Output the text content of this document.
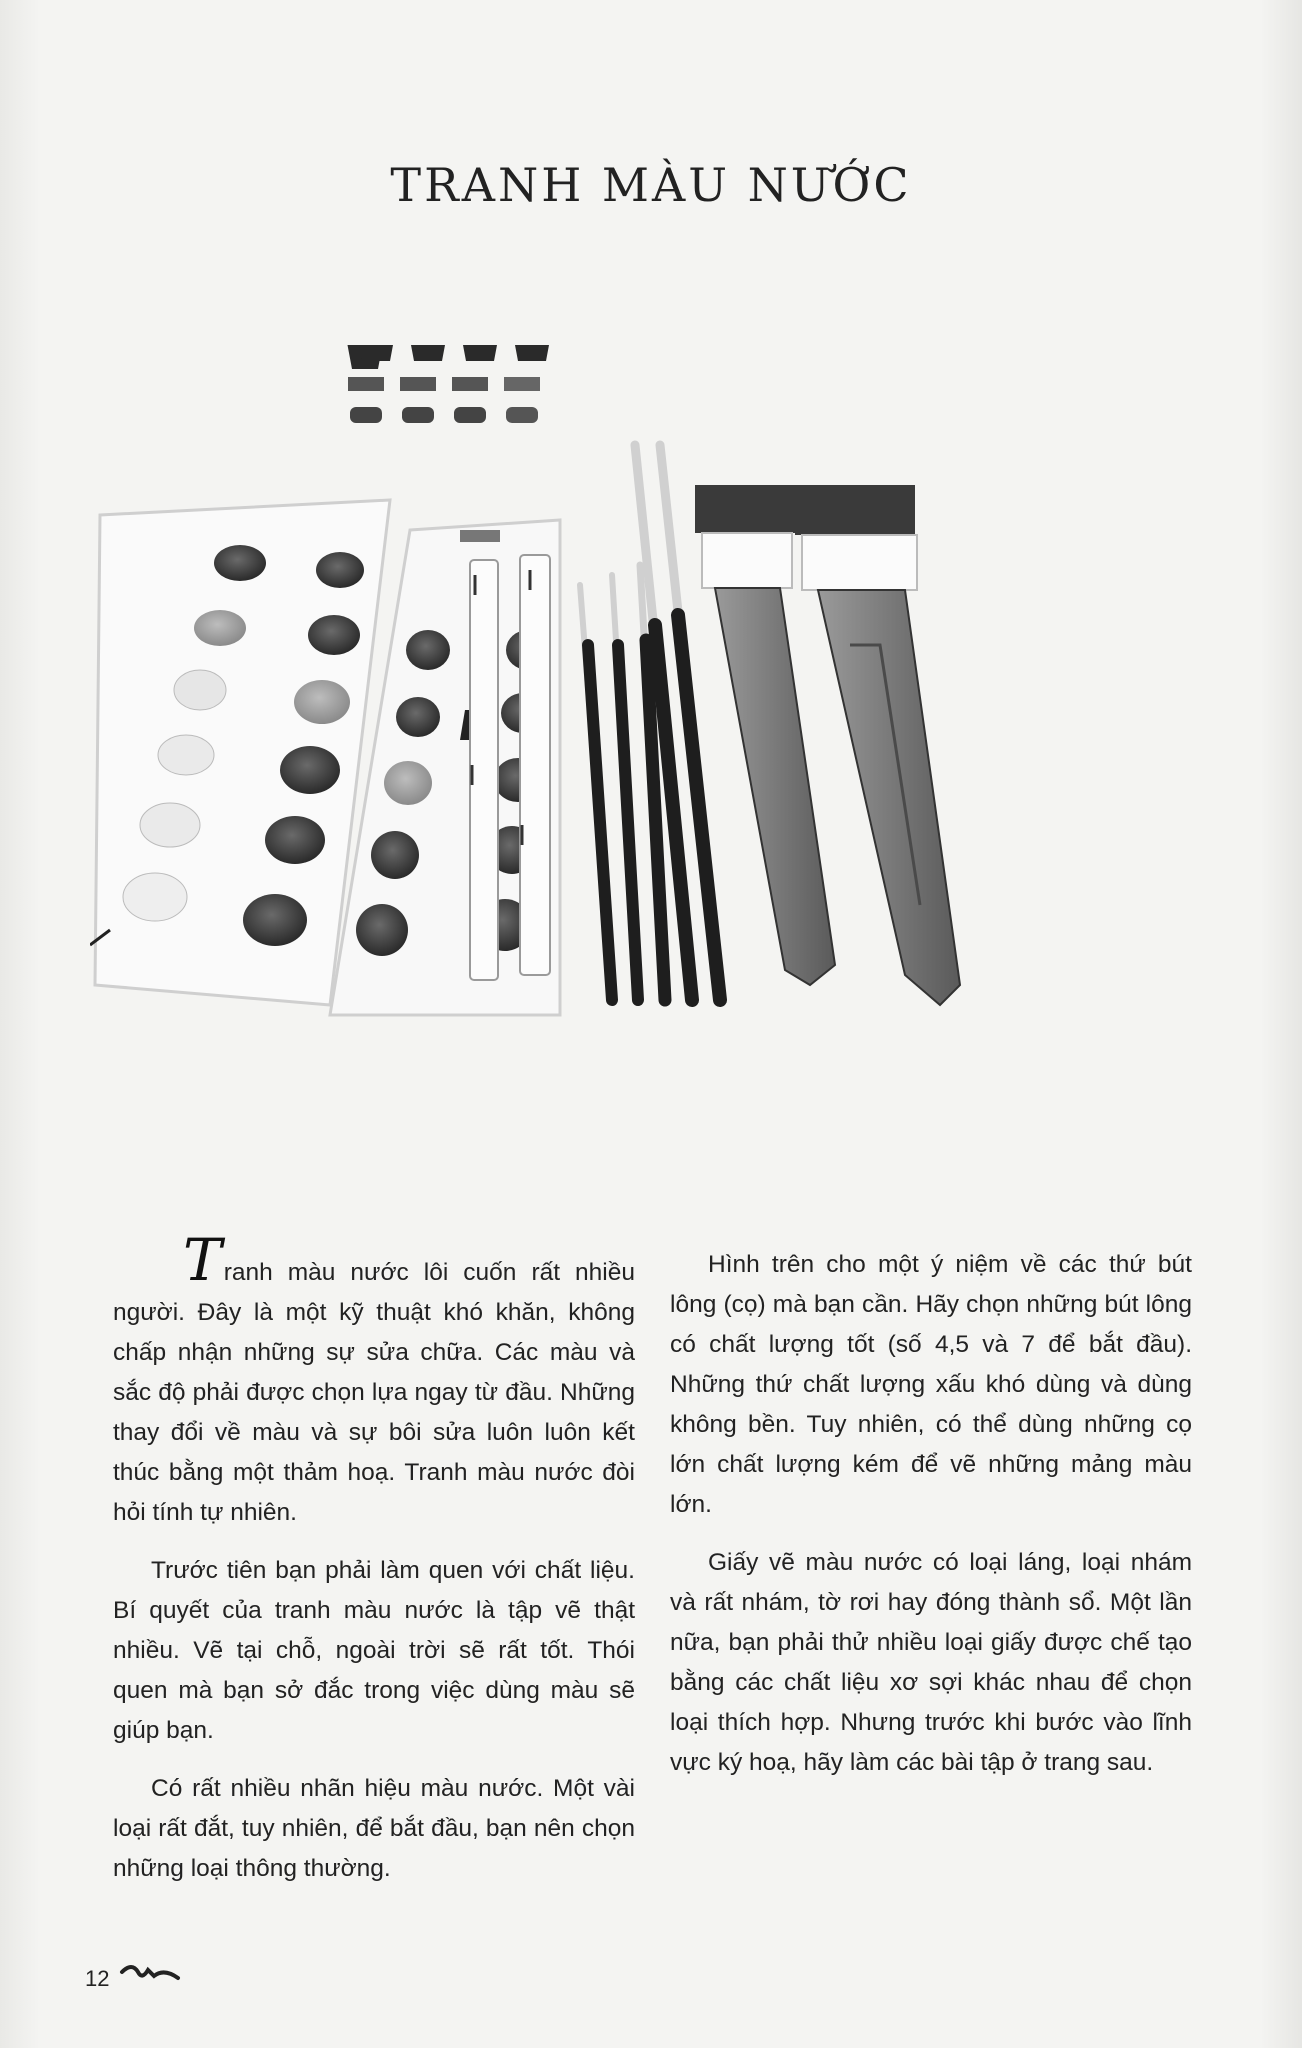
TRANH MÀU NƯỚC

Tranh màu nước lôi cuốn rất nhiều người. Đây là một kỹ thuật khó khăn, không chấp nhận những sự sửa chữa. Các màu và sắc độ phải được chọn lựa ngay từ đầu. Những thay đổi về màu và sự bôi sửa luôn luôn kết thúc bằng một thảm hoạ. Tranh màu nước đòi hỏi tính tự nhiên.

Trước tiên bạn phải làm quen với chất liệu. Bí quyết của tranh màu nước là tập vẽ thật nhiều. Vẽ tại chỗ, ngoài trời sẽ rất tốt. Thói quen mà bạn sở đắc trong việc dùng màu sẽ giúp bạn.

Có rất nhiều nhãn hiệu màu nước. Một vài loại rất đắt, tuy nhiên, để bắt đầu, bạn nên chọn những loại thông thường.

Hình trên cho một ý niệm về các thứ bút lông (cọ) mà bạn cần. Hãy chọn những bút lông có chất lượng tốt (số 4,5 và 7 để bắt đầu). Những thứ chất lượng xấu khó dùng và dùng không bền. Tuy nhiên, có thể dùng những cọ lớn chất lượng kém để vẽ những mảng màu lớn.

Giấy vẽ màu nước có loại láng, loại nhám và rất nhám, tờ rơi hay đóng thành sổ. Một lần nữa, bạn phải thử nhiều loại giấy được chế tạo bằng các chất liệu xơ sợi khác nhau để chọn loại thích hợp. Nhưng trước khi bước vào lĩnh vực ký hoạ, hãy làm các bài tập ở trang sau.

12
